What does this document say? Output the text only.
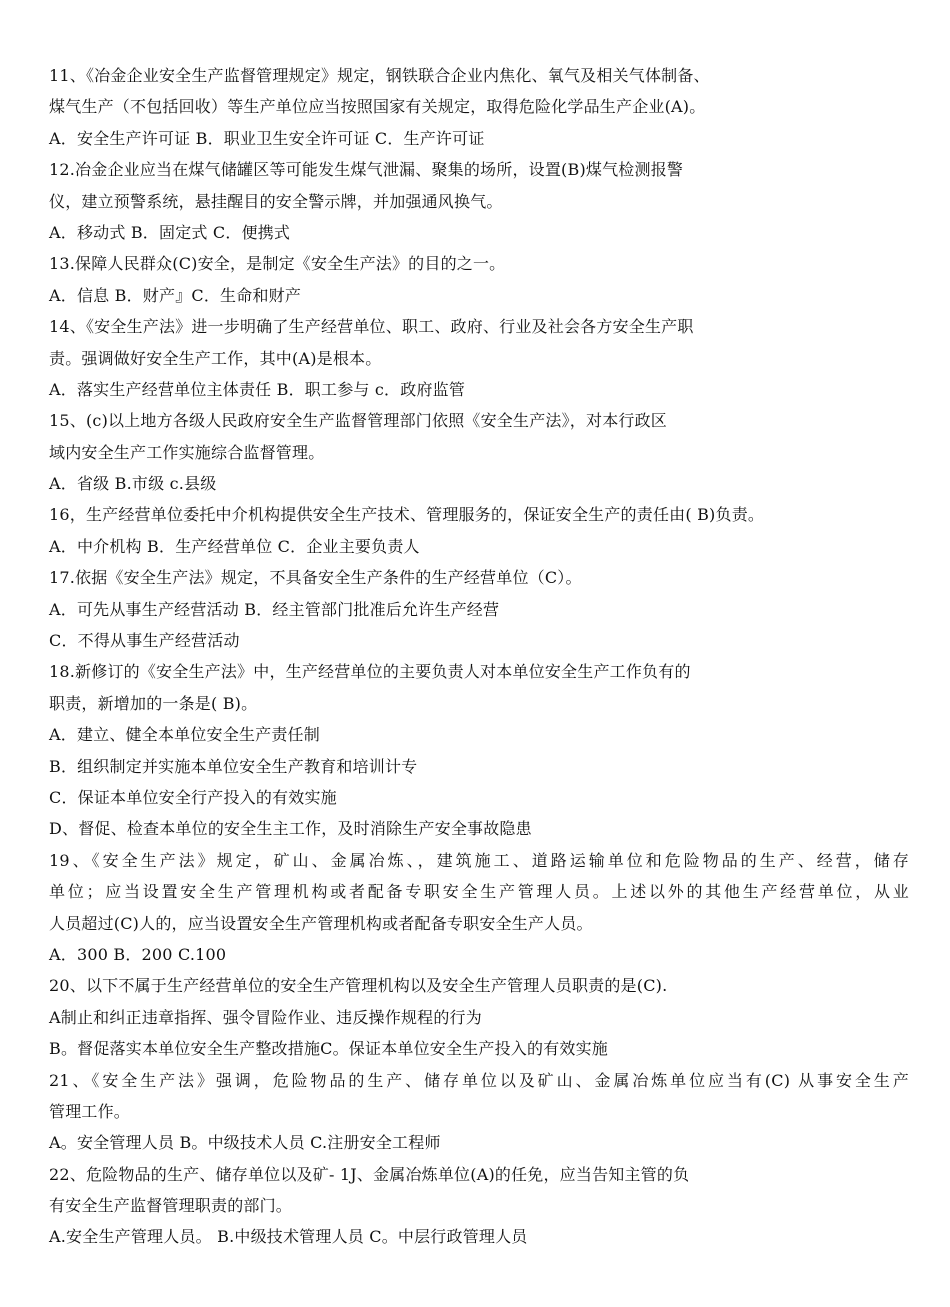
11、《冶金企业安全生产监督管理规定》规定，钢铁联合企业内焦化、氧气及相关气体制备、
煤气生产（不包括回收）等生产单位应当按照国家有关规定，取得危险化学品生产企业(A)。
A．安全生产许可证 B．职业卫生安全许可证 C．生产许可证
12.冶金企业应当在煤气储罐区等可能发生煤气泄漏、聚集的场所，设置(B)煤气检测报警
仪，建立预警系统，悬挂醒目的安全警示牌，并加强通风换气。
A．移动式 B．固定式 C．便携式
13.保障人民群众(C)安全，是制定《安全生产法》的目的之一。
A．信息 B．财产』C．生命和财产
14、《安全生产法》进一步明确了生产经营单位、职工、政府、行业及社会各方安全生产职
责。强调做好安全生产工作，其中(A)是根本。
A．落实生产经营单位主体责任 B．职工参与 c．政府监管
15、(c)以上地方各级人民政府安全生产监督管理部门依照《安全生产法》，对本行政区
域内安全生产工作实施综合监督管理。
A．省级 B.市级 c.县级
16，生产经营单位委托中介机构提供安全生产技术、管理服务的，保证安全生产的责任由( B)负责。
A．中介机构 B．生产经营单位 C．企业主要负责人
17.依据《安全生产法》规定，不具备安全生产条件的生产经营单位（C）。
A．可先从事生产经营活动 B．经主管部门批准后允许生产经营
C．不得从事生产经营活动
18.新修订的《安全生产法》中，生产经营单位的主要负责人对本单位安全生产工作负有的
职责，新增加的一条是( B)。
A．建立、健全本单位安全生产责任制
B．组织制定并实施本单位安全生产教育和培训计专
C．保证本单位安全行产投入的有效实施
D、督促、检查本单位的安全生主工作，及时消除生产安全事故隐患
19、《安全生产法》规定，矿山、金属冶炼、，建筑施工、道路运输单位和危险物品的生产、经营，储存
单位；应当设置安全生产管理机构或者配备专职安全生产管理人员。上述以外的其他生产经营单位，从业
人员超过(C)人的，应当设置安全生产管理机构或者配备专职安全生产人员。
A．300 B．200 C.100
20、以下不属于生产经营单位的安全生产管理机构以及安全生产管理人员职责的是(C).
A制止和纠正违章指挥、强令冒险作业、违反操作规程的行为
B。督促落实本单位安全生产整改措施C。保证本单位安全生产投入的有效实施
21、《安全生产法》强调，危险物品的生产、储存单位以及矿山、金属冶炼单位应当有(C) 从事安全生产
管理工作。
A。安全管理人员 B。中级技术人员 C.注册安全工程师
22、危险物品的生产、储存单位以及矿- 1J、金属冶炼单位(A)的任免，应当告知主管的负
有安全生产监督管理职责的部门。
A.安全生产管理人员。 B.中级技术管理人员 C。中层行政管理人员
